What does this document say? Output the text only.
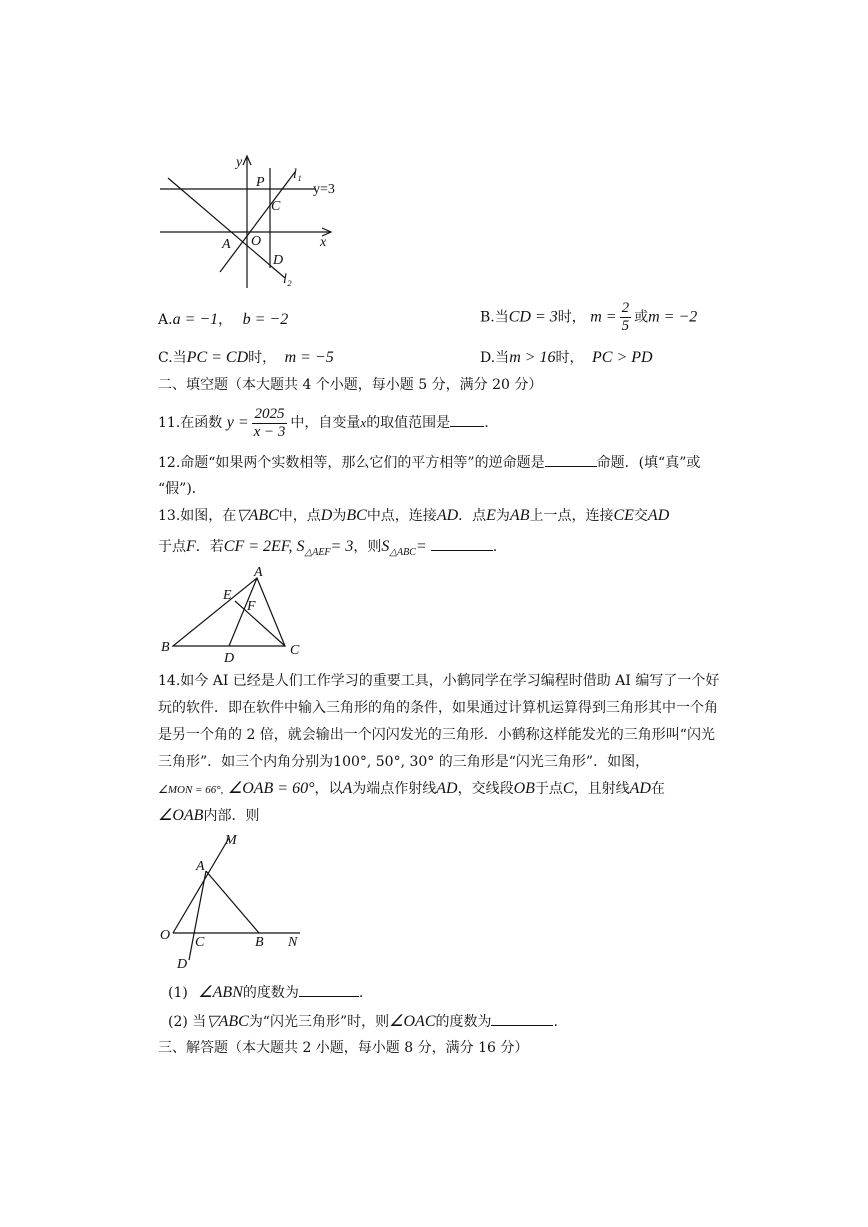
y
x
P
C
O
A
D
l₁
l₂
y=3
A.a = −1， b = −2	B.当CD = 3时， $m = \frac{2}{5}$ 或m = −2
C.当PC = CD时， m = −5	D.当m > 16时， PC > PD
二、填空题（本大题共 4 个小题，每小题 5 分，满分 20 分）
11.在函数 $y = \frac{2025}{x - 3}$ 中，自变量x的取值范围是 .
12.命题“如果两个实数相等，那么它们的平方相等”的逆命题是	命题．(填“真”或
“假”)．
13.如图，在▽ABC中，点D为BC中点，连接AD．点E为AB上一点，连接CE交AD
于点F．若CF = 2EF, $S_{\triangle AEF}= 3$，则$S_{\triangle ABC}=$	.
A
E
F
B
D
C
14.如今 AI 已经是人们工作学习的重要工具，小鹤同学在学习编程时借助 AI 编写了一个好
玩的软件．即在软件中输入三角形的角的条件，如果通过计算机运算得到三角形其中一个角
是另一个角的 2 倍，就会输出一个闪闪发光的三角形．小鹤称这样能发光的三角形叫“闪光
三角形”．如三个内角分别为100°, 50°, 30° 的三角形是“闪光三角形”．如图，
∠MON = 66°, ∠OAB = 60°，以A为端点作射线AD，交线段OB于点C，且射线AD在
∠OAB内部．则
M
A
O C	B N
D
(1) ∠ABN的度数为	.
(2) 当▽ABC为“闪光三角形”时，则∠OAC的度数为	.
三、解答题（本大题共 2 小题，每小题 8 分，满分 16 分）
